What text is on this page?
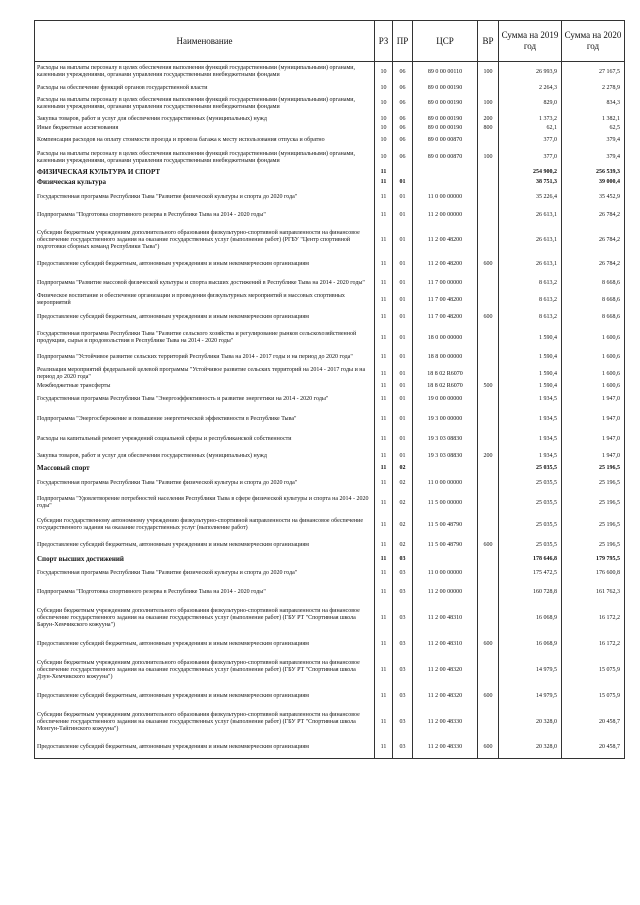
Наименование	РЗ	ПР	ЦСР	ВР	Сумма на 2019 год	Сумма на 2020 год
Расходы на выплаты персоналу в целях обеспечения выполнения функций государственными (муниципальными) органами, казенными учреждениями, органами управления государственными внебюджетными фондами	10	06	89 0 00 00110	100	26 993,9	27 167,5
Расходы на обеспечение функций органов государственной власти	10	06	89 0 00 00190		2 264,3	2 278,9
Расходы на выплаты персоналу в целях обеспечения выполнения функций государственными (муниципальными) органами, казенными учреждениями, органами управления государственными внебюджетными фондами	10	06	89 0 00 00190	100	829,0	834,3
Закупка товаров, работ и услуг для обеспечения государственных (муниципальных) нужд	10	06	89 0 00 00190	200	1 373,2	1 382,1
Иные бюджетные ассигнования	10	06	89 0 00 00190	800	62,1	62,5
Компенсация расходов на оплату стоимости проезда и провоза багажа к месту использования отпуска и обратно	10	06	89 0 00 00870		377,0	379,4
Расходы на выплаты персоналу в целях обеспечения выполнения функций государственными (муниципальными) органами, казенными учреждениями, органами управления государственными внебюджетными фондами	10	06	89 0 00 00870	100	377,0	379,4
ФИЗИЧЕСКАЯ КУЛЬТУРА И СПОРТ	11				254 900,2	256 539,3
Физическая культура	11	01			38 751,3	39 000,4
Государственная программа Республики Тыва "Развитие физической культуры и спорта до 2020 года"	11	01	11 0 00 00000		35 226,4	35 452,9
Подпрограмма "Подготовка спортивного резерва в Республике Тыва на 2014 - 2020 годы"	11	01	11 2 00 00000		26 613,1	26 784,2
Субсидии бюджетным учреждениям дополнительного образования физкультурно-спортивной направленности на финансовое обеспечение государственного задания на оказание государственных услуг (выполнение работ) (РГБУ "Центр спортивной подготовки сборных команд Республики Тыва")	11	01	11 2 00 48200		26 613,1	26 784,2
Предоставление субсидий бюджетным, автономным учреждениям и иным некоммерческим организациям	11	01	11 2 00 48200	600	26 613,1	26 784,2
Подпрограмма "Развитие массовой физической культуры и спорта высших достижений в Республике Тыва на 2014 - 2020 годы"	11	01	11 7 00 00000		8 613,2	8 668,6
Физическое воспитание и обеспечение организации и проведения физкультурных мероприятий и массовых спортивных мероприятий	11	01	11 7 00 48200		8 613,2	8 668,6
Предоставление субсидий бюджетным, автономным учреждениям и иным некоммерческим организациям	11	01	11 7 00 48200	600	8 613,2	8 668,6
Государственная программа Республики Тыва "Развитие сельского хозяйства и регулирование рынков сельскохозяйственной продукции, сырья и продовольствия в Республике Тыва на 2014 - 2020 годы"	11	01	18 0 00 00000		1 590,4	1 600,6
Подпрограмма "Устойчивое развитие сельских территорий Республики Тыва на 2014 - 2017 годы и на период до 2020 года"	11	01	18 8 00 00000		1 590,4	1 600,6
Реализация мероприятий федеральной целевой программы "Устойчивое развитие сельских территорий на 2014 - 2017 годы и на период до 2020 года"	11	01	18 8 02 R6070		1 590,4	1 600,6
Межбюджетные трансферты	11	01	18 8 02 R6070	500	1 590,4	1 600,6
Государственная программа Республики Тыва "Энергоэффективность и развитие энергетики на 2014 - 2020 годы"	11	01	19 0 00 00000		1 934,5	1 947,0
Подпрограмма "Энергосбережение и повышение энергетической эффективности в Республике Тыва"	11	01	19 3 00 00000		1 934,5	1 947,0
Расходы на капитальный ремонт учреждений социальной сферы и республиканской собственности	11	01	19 3 03 08830		1 934,5	1 947,0
Закупка товаров, работ и услуг для обеспечения государственных (муниципальных) нужд	11	01	19 3 03 08830	200	1 934,5	1 947,0
Массовый спорт	11	02			25 035,5	25 196,5
Государственная программа Республики Тыва "Развитие физической культуры и спорта до 2020 года"	11	02	11 0 00 00000		25 035,5	25 196,5
Подпрограмма "Удовлетворение потребностей населения Республики Тыва в сфере физической культуры и спорта на 2014 - 2020 годы"	11	02	11 5 00 00000		25 035,5	25 196,5
Субсидии государственному автономному учреждению физкультурно-спортивной направленности на финансовое обеспечение государственного задания на оказание государственных услуг (выполнение работ)	11	02	11 5 00 48790		25 035,5	25 196,5
Предоставление субсидий бюджетным, автономным учреждениям и иным некоммерческим организациям	11	02	11 5 00 48790	600	25 035,5	25 196,5
Спорт высших достижений	11	03			178 646,8	179 795,5
Государственная программа Республики Тыва "Развитие физической культуры и спорта до 2020 года"	11	03	11 0 00 00000		175 472,5	176 600,8
Подпрограмма "Подготовка спортивного резерва в Республике Тыва на 2014 - 2020 годы"	11	03	11 2 00 00000		160 728,8	161 762,3
Субсидии бюджетным учреждениям дополнительного образования физкультурно-спортивной направленности на финансовое обеспечение государственного задания на оказание государственных услуг (выполнение работ) (ГБУ РТ "Спортивная школа Барун-Хемчикского кожууна")	11	03	11 2 00 48310		16 068,9	16 172,2
Предоставление субсидий бюджетным, автономным учреждениям и иным некоммерческим организациям	11	03	11 2 00 48310	600	16 068,9	16 172,2
Субсидии бюджетным учреждениям дополнительного образования физкультурно-спортивной направленности на финансовое обеспечение государственного задания на оказание государственных услуг (выполнение работ) (ГБУ РТ "Спортивная школа Дзун-Хемчикского кожууна")	11	03	11 2 00 48320		14 979,5	15 075,9
Предоставление субсидий бюджетным, автономным учреждениям и иным некоммерческим организациям	11	03	11 2 00 48320	600	14 979,5	15 075,9
Субсидии бюджетным учреждениям дополнительного образования физкультурно-спортивной направленности на финансовое обеспечение государственного задания на оказание государственных услуг (выполнение работ) (ГБУ РТ "Спортивная школа Монгун-Тайгинского кожууна")	11	03	11 2 00 48330		20 328,0	20 458,7
Предоставление субсидий бюджетным, автономным учреждениям и иным некоммерческим организациям	11	03	11 2 00 48330	600	20 328,0	20 458,7
